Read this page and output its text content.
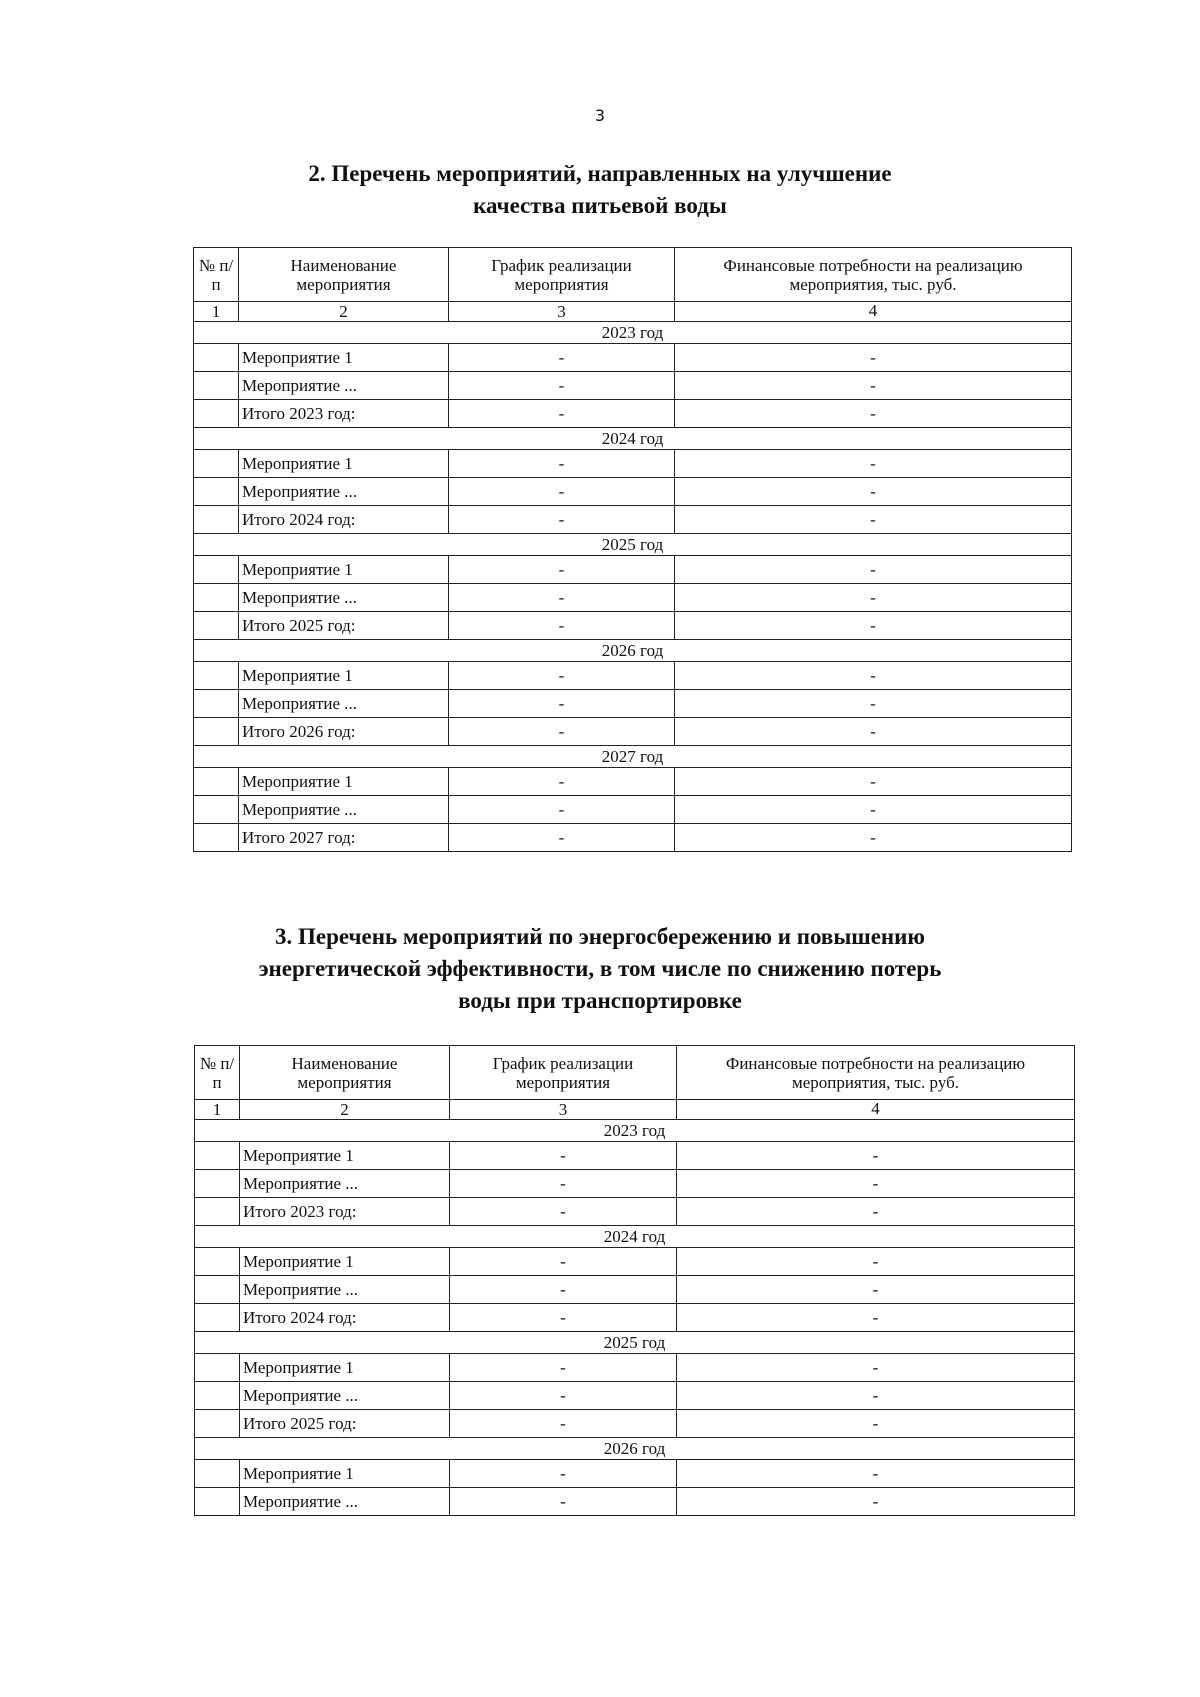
3
2. Перечень мероприятий, направленных на улучшение
качества питьевой воды
№ п/п	Наименование мероприятия	График реализации мероприятия	Финансовые потребности на реализацию мероприятия, тыс. руб.
1	2	3	4
2023 год			
	Мероприятие 1	-	-
	Мероприятие ...	-	-
	Итого 2023 год:	-	-
2024 год			
	Мероприятие 1	-	-
	Мероприятие ...	-	-
	Итого 2024 год:	-	-
2025 год			
	Мероприятие 1	-	-
	Мероприятие ...	-	-
	Итого 2025 год:	-	-
2026 год			
	Мероприятие 1	-	-
	Мероприятие ...	-	-
	Итого 2026 год:	-	-
2027 год			
	Мероприятие 1	-	-
	Мероприятие ...	-	-
	Итого 2027 год:	-	-
3. Перечень мероприятий по энергосбережению и повышению
энергетической эффективности, в том числе по снижению потерь
воды при транспортировке
№ п/п	Наименование мероприятия	График реализации мероприятия	Финансовые потребности на реализацию мероприятия, тыс. руб.
1	2	3	4
2023 год			
	Мероприятие 1	-	-
	Мероприятие ...	-	-
	Итого 2023 год:	-	-
2024 год			
	Мероприятие 1	-	-
	Мероприятие ...	-	-
	Итого 2024 год:	-	-
2025 год			
	Мероприятие 1	-	-
	Мероприятие ...	-	-
	Итого 2025 год:	-	-
2026 год			
	Мероприятие 1	-	-
	Мероприятие ...	-	-
